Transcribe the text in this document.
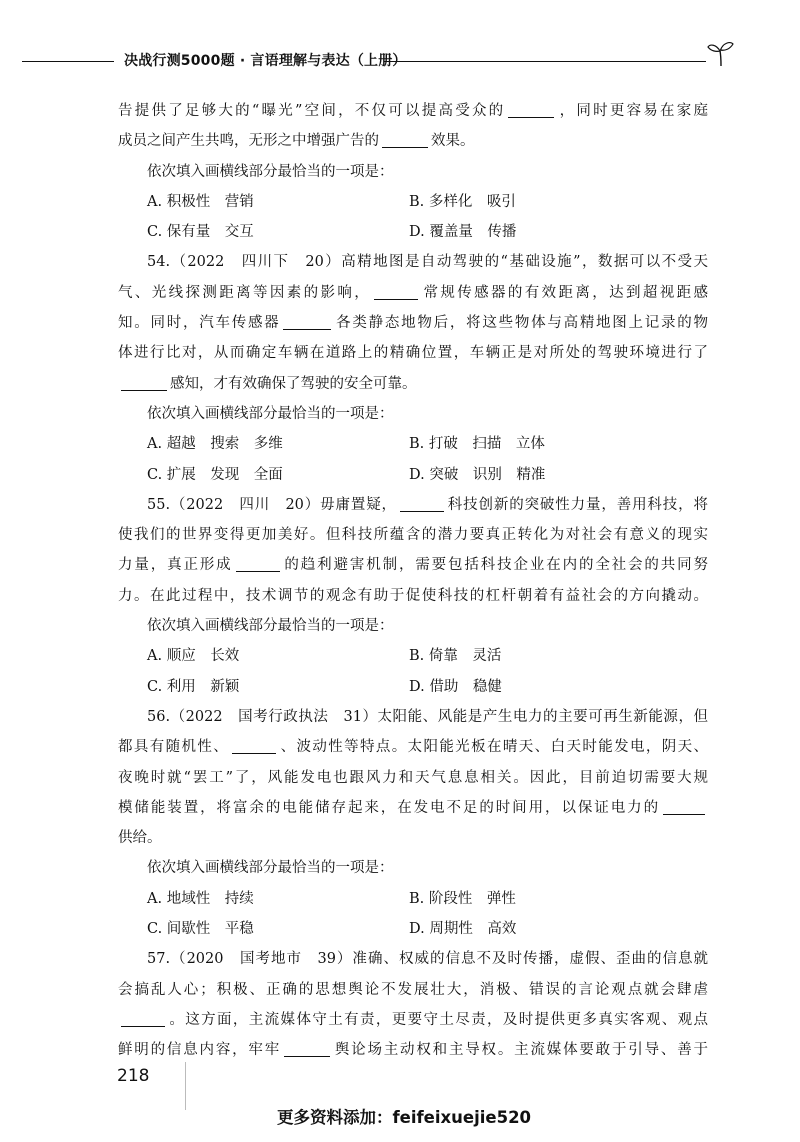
决战行测5000题 · 言语理解与表达（上册）
告提供了足够大的“曝光”空间，不仅可以提高受众的	，同时更容易在家庭
成员之间产生共鸣，无形之中增强广告的	效果。
依次填入画横线部分最恰当的一项是：
A. 积极性　营销	B. 多样化　吸引
C. 保有量　交互	D. 覆盖量　传播
54.（2022　四川下　20）高精地图是自动驾驶的“基础设施”，数据可以不受天
气、光线探测距离等因素的影响，	常规传感器的有效距离，达到超视距感
知。同时，汽车传感器	各类静态地物后，将这些物体与高精地图上记录的物
体进行比对，从而确定车辆在道路上的精确位置，车辆正是对所处的驾驶环境进行了
感知，才有效确保了驾驶的安全可靠。
依次填入画横线部分最恰当的一项是：
A. 超越　搜索　多维	B. 打破　扫描　立体
C. 扩展　发现　全面	D. 突破　识别　精准
55.（2022　四川　20）毋庸置疑，	科技创新的突破性力量，善用科技，将
使我们的世界变得更加美好。但科技所蕴含的潜力要真正转化为对社会有意义的现实
力量，真正形成	的趋利避害机制，需要包括科技企业在内的全社会的共同努
力。在此过程中，技术调节的观念有助于促使科技的杠杆朝着有益社会的方向撬动。
依次填入画横线部分最恰当的一项是：
A. 顺应　长效	B. 倚靠　灵活
C. 利用　新颖	D. 借助　稳健
56.（2022　国考行政执法　31）太阳能、风能是产生电力的主要可再生新能源，但
都具有随机性、	、波动性等特点。太阳能光板在晴天、白天时能发电，阴天、
夜晚时就“罢工”了，风能发电也跟风力和天气息息相关。因此，目前迫切需要大规
模储能装置，将富余的电能储存起来，在发电不足的时间用，以保证电力的
供给。
依次填入画横线部分最恰当的一项是：
A. 地域性　持续	B. 阶段性　弹性
C. 间歇性　平稳	D. 周期性　高效
57.（2020　国考地市　39）准确、权威的信息不及时传播，虚假、歪曲的信息就
会搞乱人心；积极、正确的思想舆论不发展壮大，消极、错误的言论观点就会肆虐
。这方面，主流媒体守土有责，更要守土尽责，及时提供更多真实客观、观点
鲜明的信息内容，牢牢	舆论场主动权和主导权。主流媒体要敢于引导、善于
218
更多资料添加：feifeixuejie520
